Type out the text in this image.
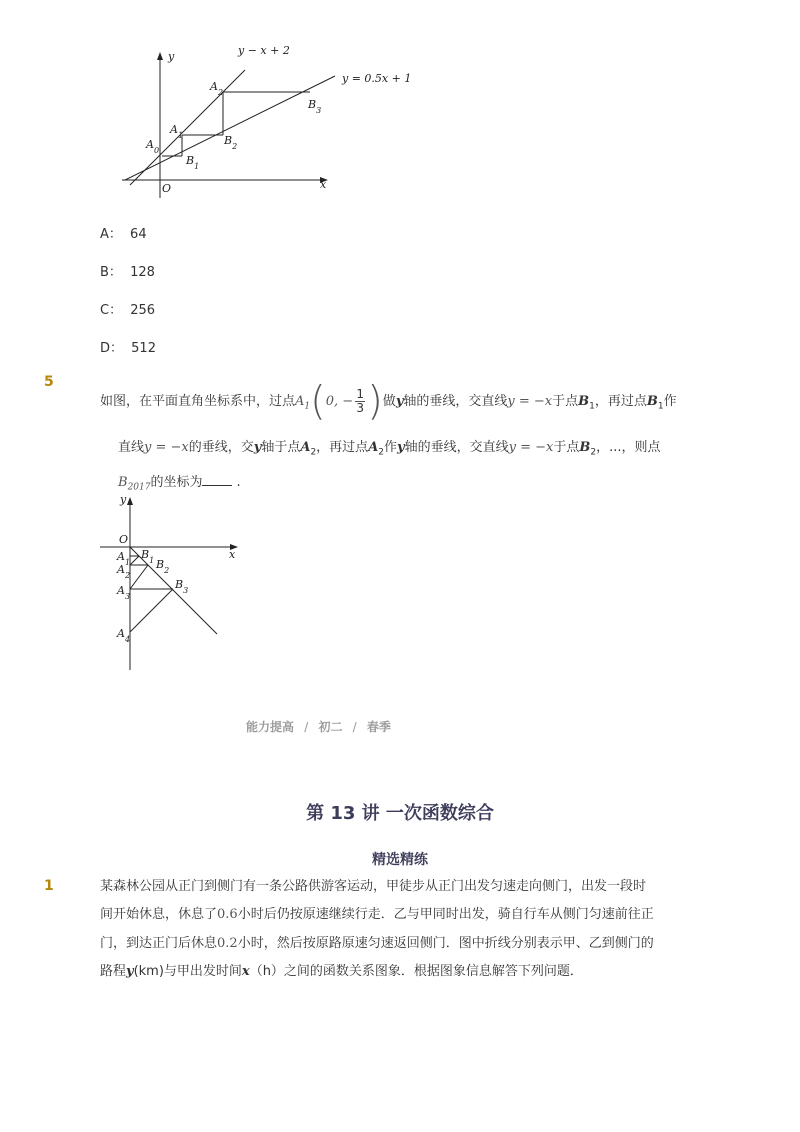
y
x
O
y − x + 2
y = 0.5x + 1
$A_2$
$B_3$
$A_1$	$B_2$
$A_0$
$B_1$
A： 64
B： 128
C： 256
D： 512
5
如图，在平面直角坐标系中，过点$A_1(0$, − $\frac{1}{3}$ )做y轴的垂线，交直线y = −x于点$B_1$，再过点$B_1$作
直线y = −x的垂线，交y轴于点$A_2$，再过点$A_2$作y轴的垂线，交直线y = −x于点$B_2$，...，则点
$B_{2017}$的坐标为	.
y
x
O
$A_1$
$B_1$
$A_2$
$B_2$
$A_3$
$B_3$
$A_4$
能力提高 / 初二 / 春季
第 13 讲 一次函数综合
精选精练
1	某森林公园从正门到侧门有一条公路供游客运动，甲徒步从正门出发匀速走向侧门，出发一段时
间开始休息，休息了0.6小时后仍按原速继续行走．乙与甲同时出发，骑自行车从侧门匀速前往正
门，到达正门后休息0.2小时，然后按原路原速匀速返回侧门．图中折线分别表示甲、乙到侧门的
路程y(km)与甲出发时间x（h）之间的函数关系图象．根据图象信息解答下列问题．
